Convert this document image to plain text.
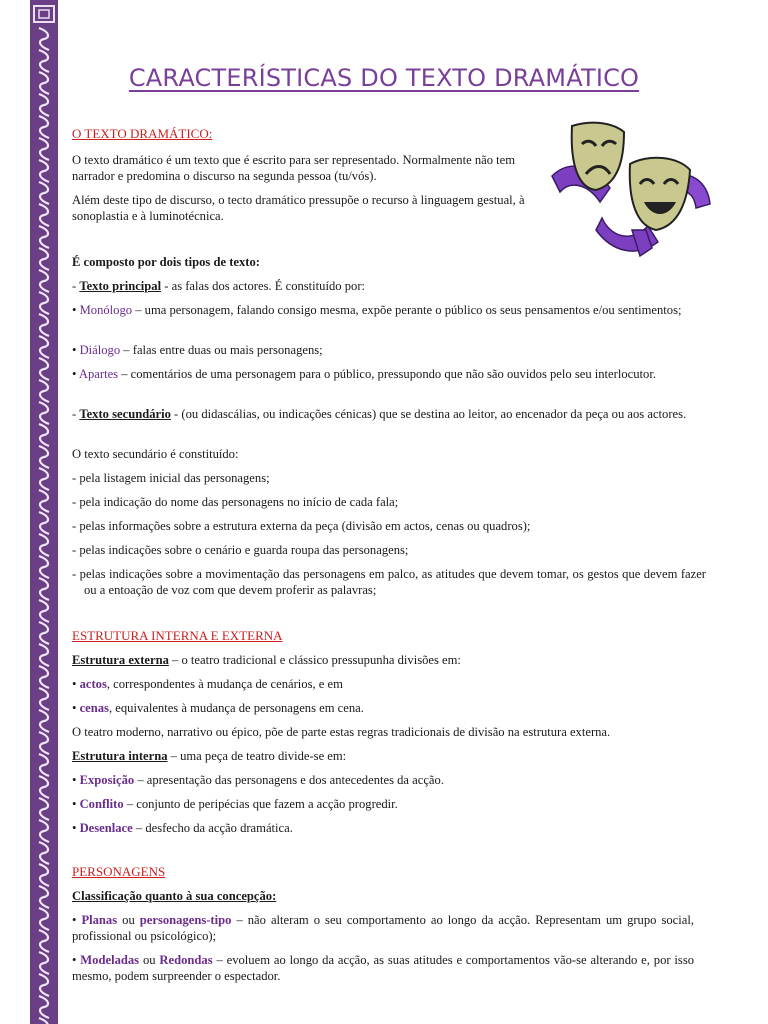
CARACTERÍSTICAS DO TEXTO DRAMÁTICO
O TEXTO DRAMÁTICO:
O texto dramático é um texto que é escrito para ser representado. Normalmente não tem narrador e predomina o discurso na segunda pessoa (tu/vós).
Além deste tipo de discurso, o tecto dramático pressupõe o recurso à linguagem gestual, à sonoplastia e à luminotécnica.
É composto por dois tipos de texto:
- Texto principal - as falas dos actores. É constituído por:
• Monólogo – uma personagem, falando consigo mesma, expõe perante o público os seus pensamentos e/ou sentimentos;
• Diálogo – falas entre duas ou mais personagens;
• Apartes – comentários de uma personagem para o público, pressupondo que não são ouvidos pelo seu interlocutor.
- Texto secundário - (ou didascálias, ou indicações cénicas) que se destina ao leitor, ao encenador da peça ou aos actores.
O texto secundário é constituído:
- pela listagem inicial das personagens;
- pela indicação do nome das personagens no início de cada fala;
- pelas informações sobre a estrutura externa da peça (divisão em actos, cenas ou quadros);
- pelas indicações sobre o cenário e guarda roupa das personagens;
- pelas indicações sobre a movimentação das personagens em palco, as atitudes que devem tomar, os gestos que devem fazer ou a entoação de voz com que devem proferir as palavras;
ESTRUTURA INTERNA E EXTERNA
Estrutura externa – o teatro tradicional e clássico pressupunha divisões em:
• actos, correspondentes à mudança de cenários, e em
• cenas, equivalentes à mudança de personagens em cena.
O teatro moderno, narrativo ou épico, põe de parte estas regras tradicionais de divisão na estrutura externa.
Estrutura interna – uma peça de teatro divide-se em:
• Exposição – apresentação das personagens e dos antecedentes da acção.
• Conflito – conjunto de peripécias que fazem a acção progredir.
• Desenlace – desfecho da acção dramática.
PERSONAGENS
Classificação quanto à sua concepção:
• Planas ou personagens-tipo – não alteram o seu comportamento ao longo da acção. Representam um grupo social, profissional ou psicológico);
• Modeladas ou Redondas – evoluem ao longo da acção, as suas atitudes e comportamentos vão-se alterando e, por isso mesmo, podem surpreender o espectador.
